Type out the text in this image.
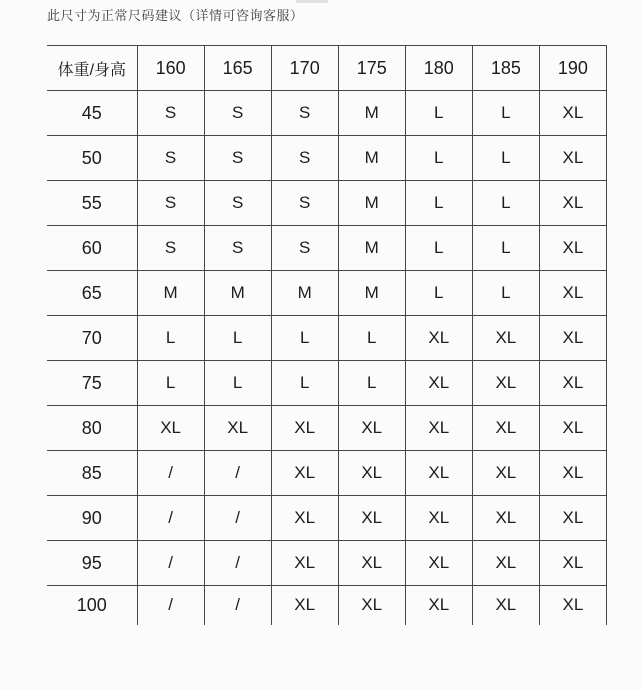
此尺寸为正常尺码建议（详情可咨询客服）
体重/身高	160	165	170	175	180	185	190
45	S	S	S	M	L	L	XL
50	S	S	S	M	L	L	XL
55	S	S	S	M	L	L	XL
60	S	S	S	M	L	L	XL
65	M	M	M	M	L	L	XL
70	L	L	L	L	XL	XL	XL
75	L	L	L	L	XL	XL	XL
80	XL	XL	XL	XL	XL	XL	XL
85	/	/	XL	XL	XL	XL	XL
90	/	/	XL	XL	XL	XL	XL
95	/	/	XL	XL	XL	XL	XL
100	/	/	XL	XL	XL	XL	XL
